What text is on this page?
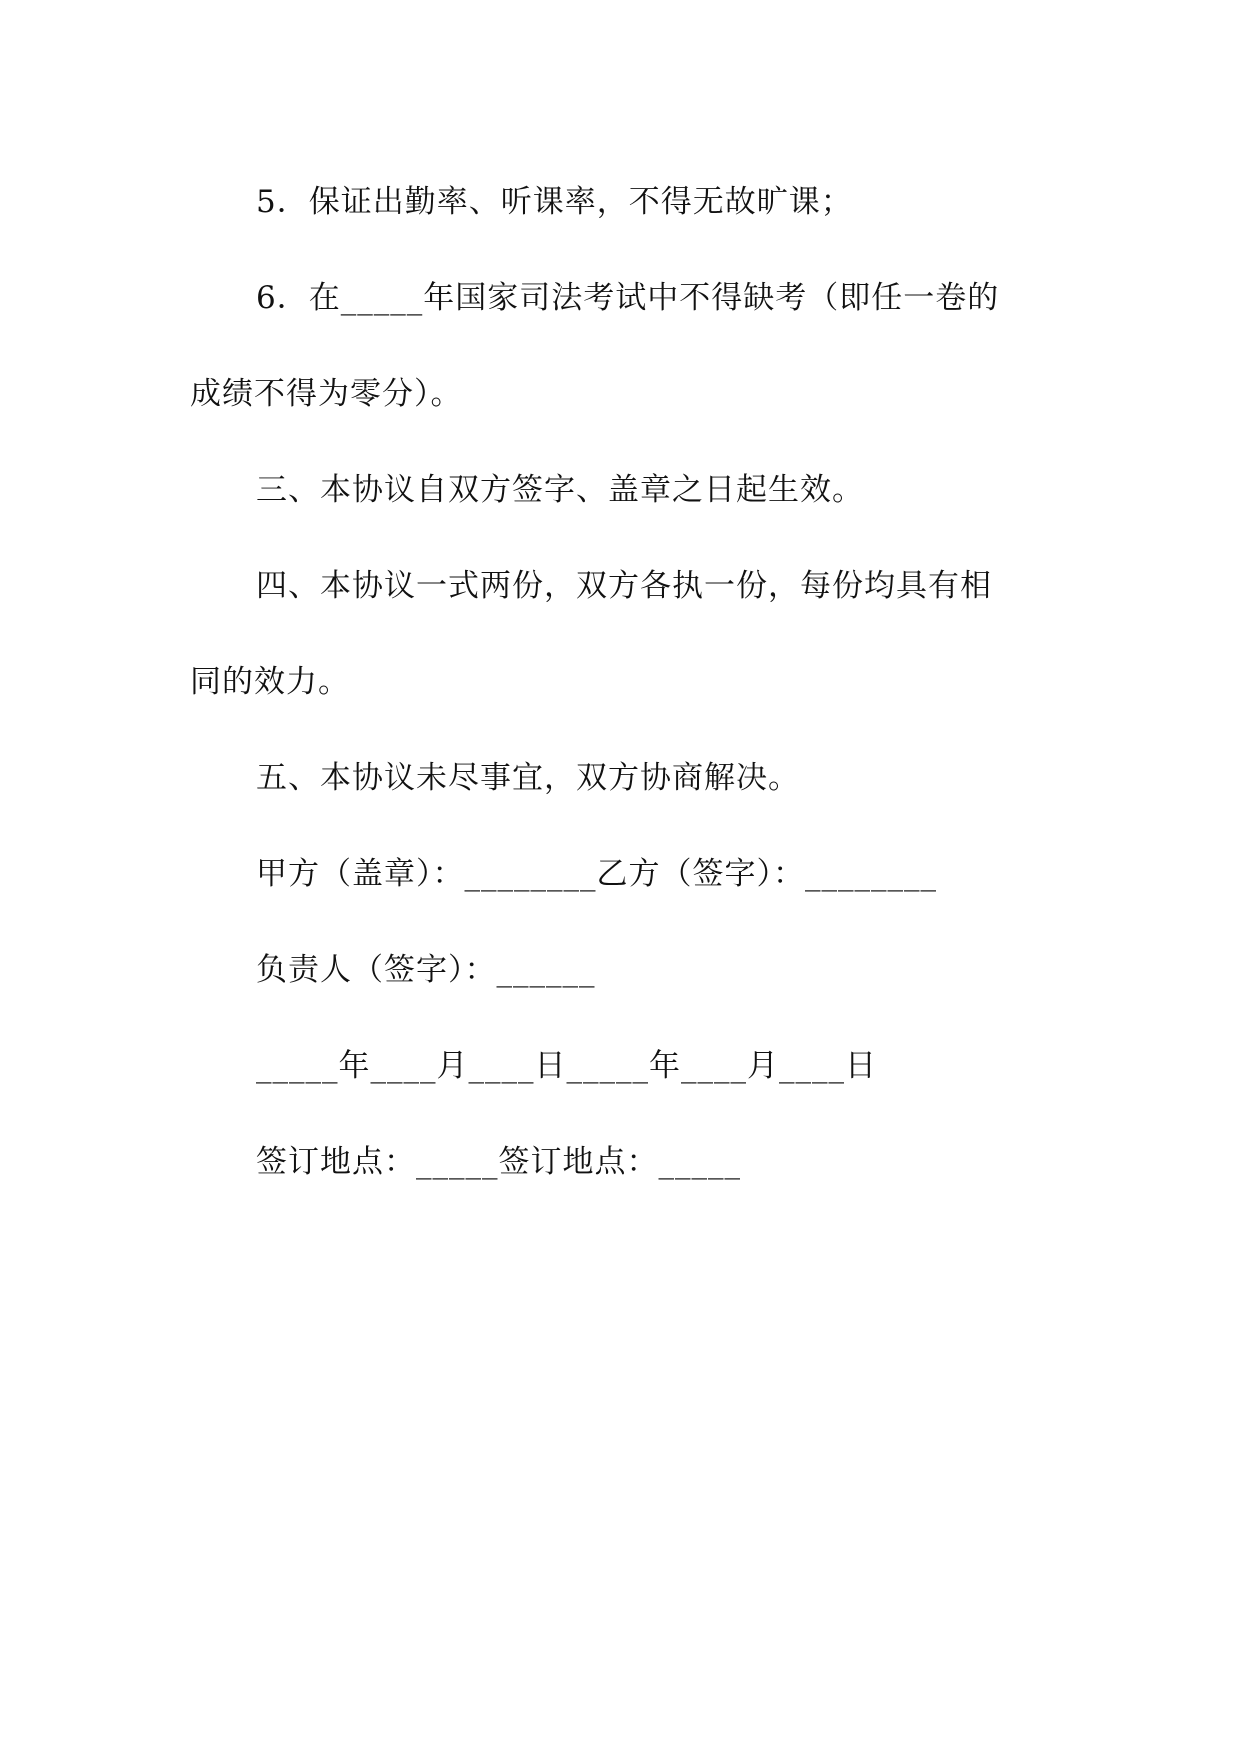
5．保证出勤率、听课率，不得无故旷课；

6．在_____年国家司法考试中不得缺考（即任一卷的

成绩不得为零分）。

三、本协议自双方签字、盖章之日起生效。

四、本协议一式两份，双方各执一份，每份均具有相

同的效力。

五、本协议未尽事宜，双方协商解决。

甲方（盖章）：________乙方（签字）：________

负责人（签字）：______

_____年____月____日_____年____月____日

签订地点：_____签订地点：_____
